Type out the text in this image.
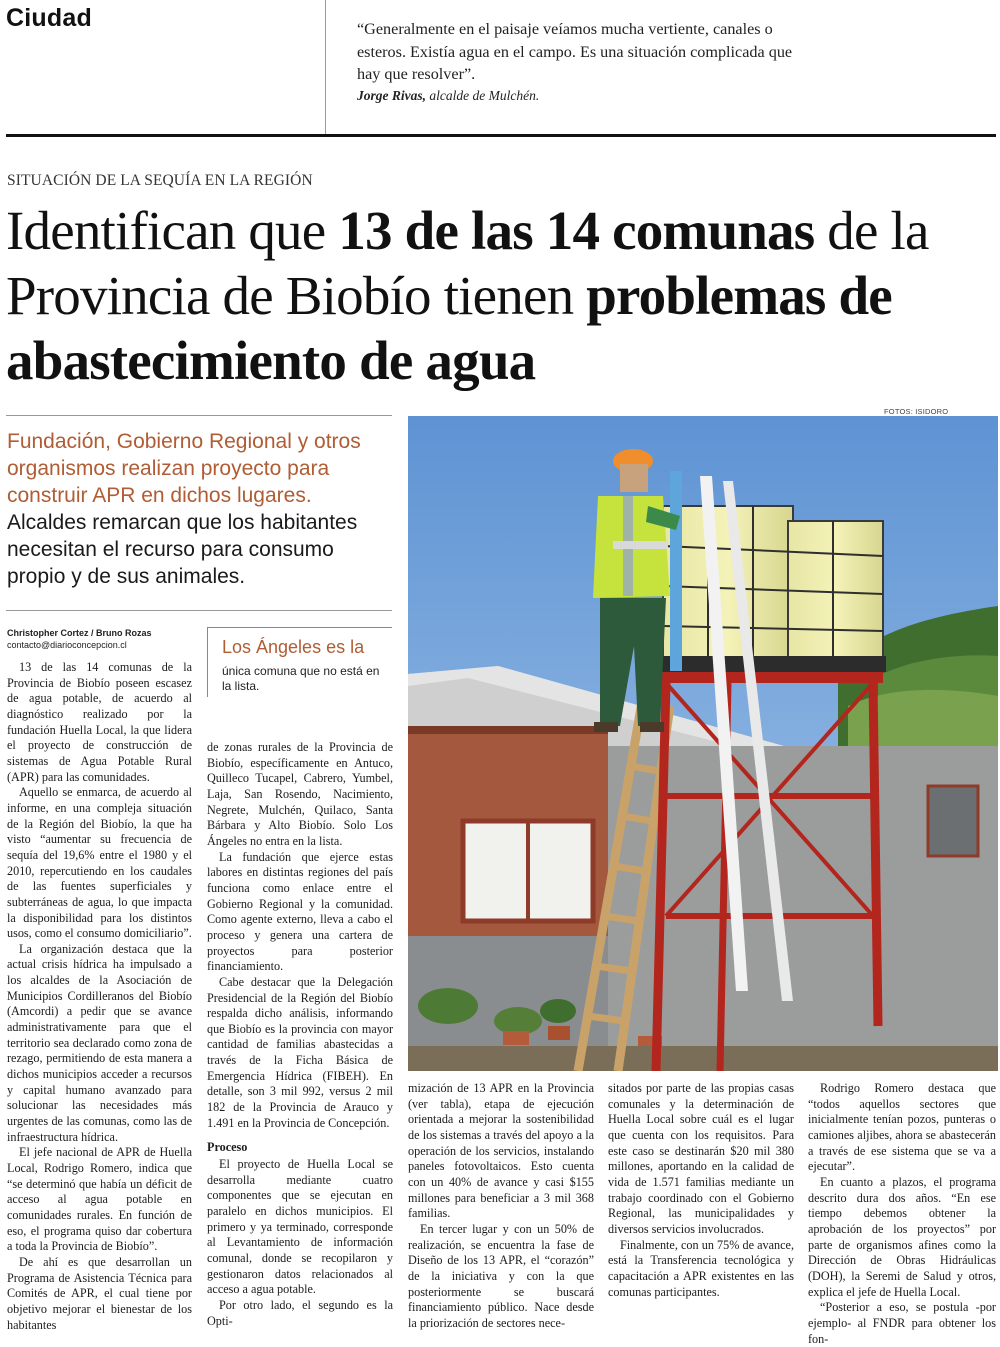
Ciudad	“Generalmente en el paisaje veíamos mucha vertiente, canales o esteros. Existía agua en el campo. Es una situación complicada que hay que resolver”.
Jorge Rivas, alcalde de Mulchén.
SITUACIÓN DE LA SEQUÍA EN LA REGIÓN
Identifican que 13 de las 14 comunas de la Provincia de Biobío tienen problemas de abastecimiento de agua
FOTOS: ISIDORO
Fundación, Gobierno Regional y otros organismos realizan proyecto para construir APR en dichos lugares.
Alcaldes remarcan que los habitantes necesitan el recurso para consumo propio y de sus animales.
Christopher Cortez / Bruno Rozas
contacto@diarioconcepcion.cl	Los Ángeles es la
única comuna que no está en la lista.

13 de las 14 comunas de la Provincia de Biobío poseen escasez de agua potable, de acuerdo al diagnóstico realizado por la fundación Huella Local, la que lidera el proyecto de construcción de sistemas de Agua Potable Rural (APR) para las comunidades.

Aquello se enmarca, de acuerdo al informe, en una compleja situación de la Región del Biobío, la que ha visto “aumentar su frecuencia de sequía del 19,6% entre el 1980 y el 2010, repercutiendo en los caudales de las fuentes superficiales y subterráneas de agua, lo que impacta la disponibilidad para los distintos usos, como el consumo domiciliario”.

La organización destaca que la actual crisis hídrica ha impulsado a los alcaldes de la Asociación de Municipios Cordilleranos del Biobío (Amcordi) a pedir que se avance administrativamente para que el territorio sea declarado como zona de rezago, permitiendo de esta manera a dichos municipios acceder a recursos y capital humano avanzado para solucionar las necesidades más urgentes de las comunas, como las de infraestructura hídrica.

El jefe nacional de APR de Huella Local, Rodrigo Romero, indica que “se determinó que había un déficit de acceso al agua potable en comunidades rurales. En función de eso, el programa quiso dar cobertura a toda la Provincia de Biobío”.

De ahí es que desarrollan un Programa de Asistencia Técnica para Comités de APR, el cual tiene por objetivo mejorar el bienestar de los habitantes

de zonas rurales de la Provincia de Biobío, específicamente en Antuco, Quilleco Tucapel, Cabrero, Yumbel, Laja, San Rosendo, Nacimiento, Negrete, Mulchén, Quilaco, Santa Bárbara y Alto Biobío. Solo Los Ángeles no entra en la lista.

La fundación que ejerce estas labores en distintas regiones del país funciona como enlace entre el Gobierno Regional y la comunidad. Como agente externo, lleva a cabo el proceso y genera una cartera de proyectos para posterior financiamiento.

Cabe destacar que la Delegación Presidencial de la Región del Biobío respalda dicho análisis, informando que Biobío es la provincia con mayor cantidad de familias abastecidas a través de la Ficha Básica de Emergencia Hídrica (FIBEH). En detalle, son 3 mil 992, versus 2 mil 182 de la Provincia de Arauco y 1.491 en la Provincia de Concepción.

Proceso

El proyecto de Huella Local se desarrolla mediante cuatro componentes que se ejecutan en paralelo en dichos municipios. El primero y ya terminado, corresponde al Levantamiento de información comunal, donde se recopilaron y gestionaron datos relacionados al acceso a agua potable.

Por otro lado, el segundo es la Opti-

mización de 13 APR en la Provincia (ver tabla), etapa de ejecución orientada a mejorar la sostenibilidad de los sistemas a través del apoyo a la operación de los servicios, instalando paneles fotovoltaicos. Esto cuenta con un 40% de avance y casi $155 millones para beneficiar a 3 mil 368 familias.

En tercer lugar y con un 50% de realización, se encuentra la fase de Diseño de los 13 APR, el “corazón” de la iniciativa y con la que posteriormente se buscará financiamiento público. Nace desde la priorización de sectores nece-

sitados por parte de las propias casas comunales y la determinación de Huella Local sobre cuál es el lugar que cuenta con los requisitos. Para este caso se destinarán $20 mil 380 millones, aportando en la calidad de vida de 1.571 familias mediante un trabajo coordinado con el Gobierno Regional, las municipalidades y diversos servicios involucrados.

Finalmente, con un 75% de avance, está la Transferencia tecnológica y capacitación a APR existentes en las comunas participantes.

Rodrigo Romero destaca que “todos aquellos sectores que inicialmente tenían pozos, punteras o camiones aljibes, ahora se abastecerán a través de ese sistema que se va a ejecutar”.

En cuanto a plazos, el programa descrito dura dos años. “En ese tiempo debemos obtener la aprobación de los proyectos” por parte de organismos afines como la Dirección de Obras Hidráulicas (DOH), la Seremi de Salud y otros, explica el jefe de Huella Local.

“Posterior a eso, se postula -por ejemplo- al FNDR para obtener los fon-
